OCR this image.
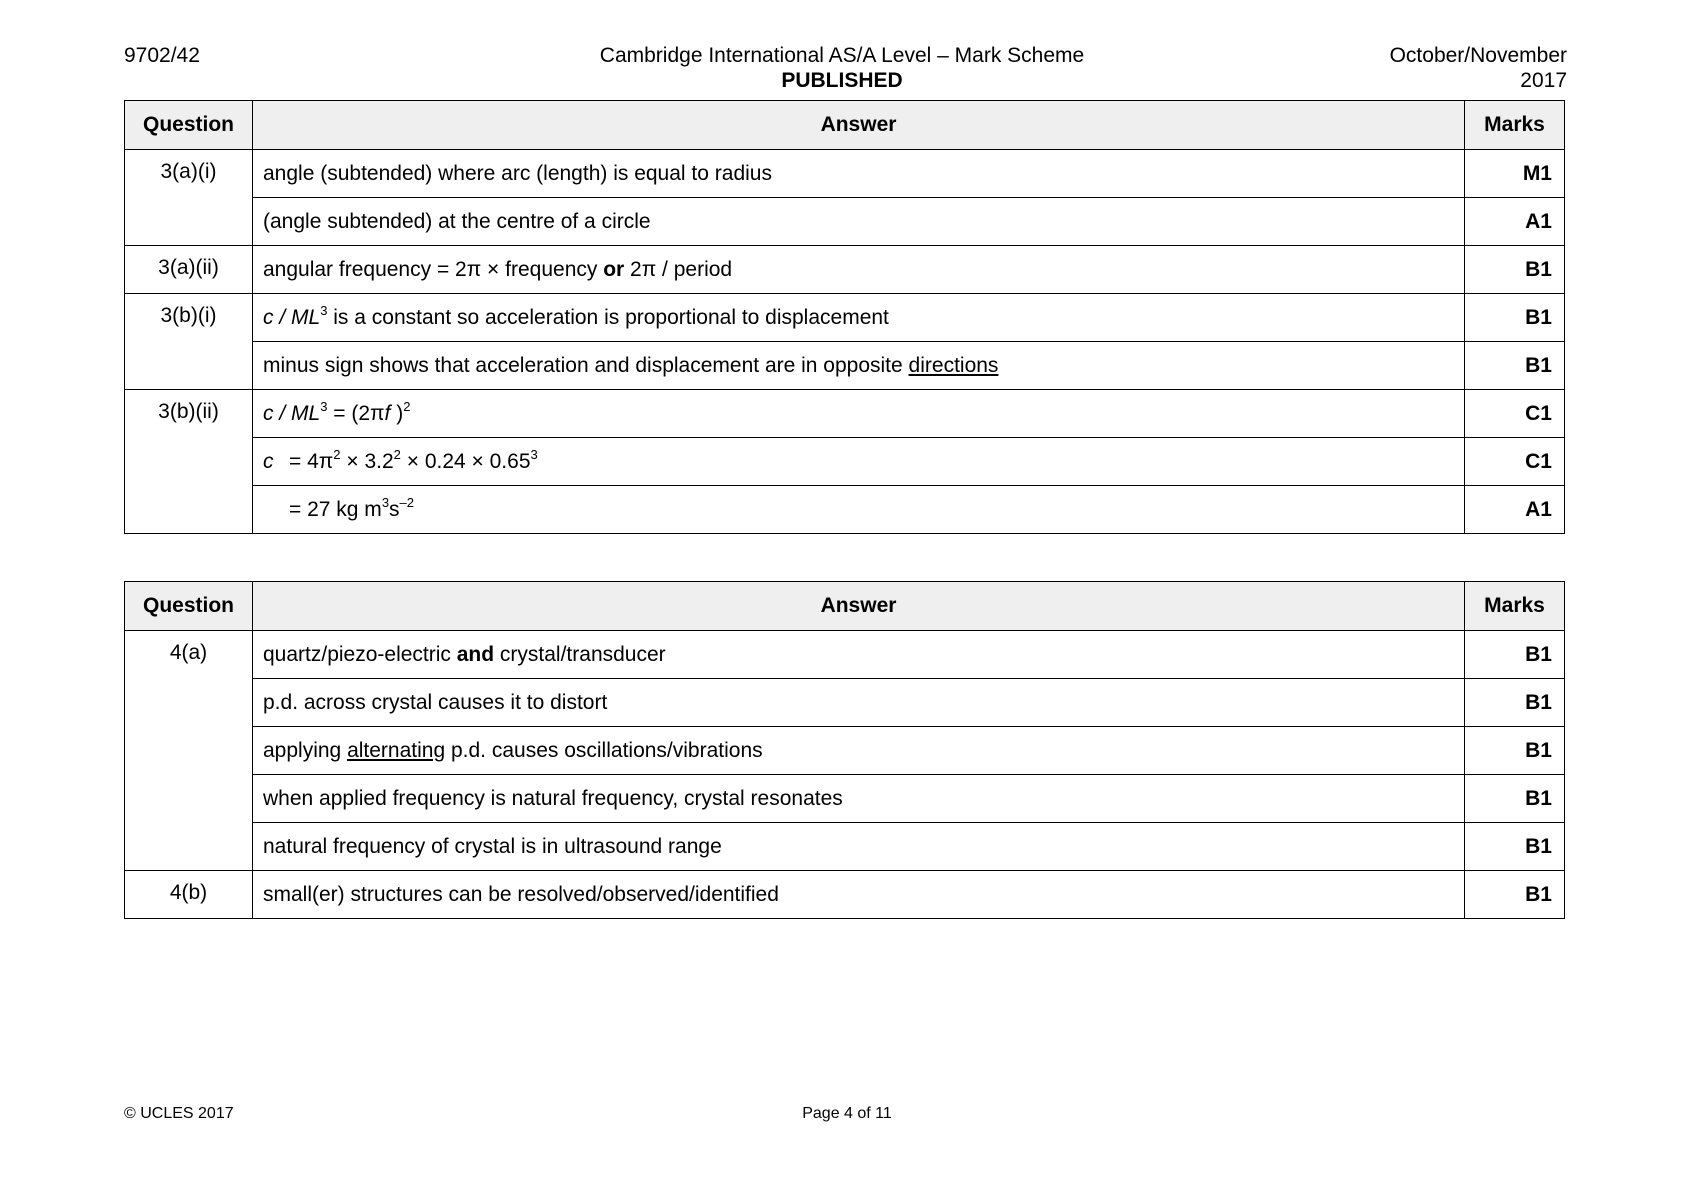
9702/42	Cambridge International AS/A Level – Mark Scheme
PUBLISHED
October/November
2017
Question	Answer	Marks
3(a)(i)	angle (subtended) where arc (length) is equal to radius	M1
	(angle subtended) at the centre of a circle	A1
3(a)(ii)	angular frequency = 2π × frequency or 2π / period	B1
3(b)(i)	c / $ML^3$ is a constant so acceleration is proportional to displacement	B1
	minus sign shows that acceleration and displacement are in opposite directions	B1
3(b)(ii)	$c / ML^3 = (2\pi f$ )$^2$	C1
	$c = 4\pi^2 \times 3.2^2 \times 0.24 \times 0.65^3$	C1
	= 27 kg $m^3s^{-2}$	A1
Question	Answer	Marks
4(a)	quartz/piezo-electric and crystal/transducer	B1
	p.d. across crystal causes it to distort	B1
	applying alternating p.d. causes oscillations/vibrations	B1
	when applied frequency is natural frequency, crystal resonates	B1
	natural frequency of crystal is in ultrasound range	B1
4(b)	small(er) structures can be resolved/observed/identified	B1
© UCLES 2017	Page 4 of 11
